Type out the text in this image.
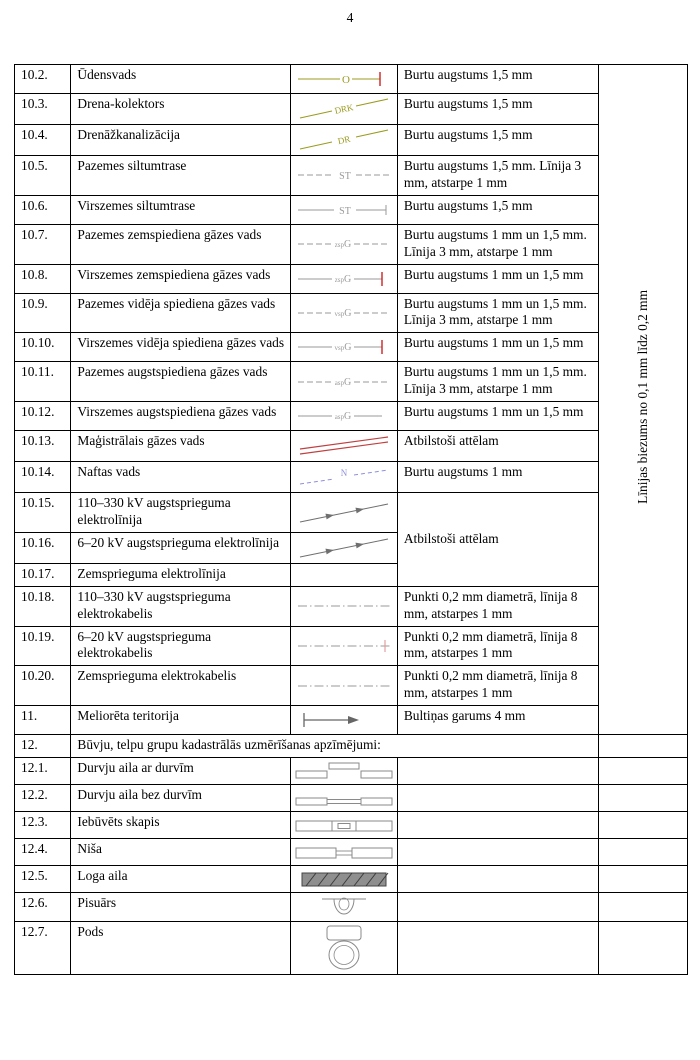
4
10.2.	Ūdensvads	O	Burtu augstums 1,5 mm	Līnijas biezums no 0,1 mm līdz 0,2 mm
10.3.	Drena-kolektors	DRK	Burtu augstums 1,5 mm	
10.4.	Drenāžkanalizācija	DR	Burtu augstums 1,5 mm	
10.5.	Pazemes siltumtrase	ST	Burtu augstums 1,5 mm. Līnija 3 mm, atstarpe 1 mm	
10.6.	Virszemes siltumtrase	ST	Burtu augstums 1,5 mm	
10.7.	Pazemes zemspiediena gāzes vads	zspG	Burtu augstums 1 mm un 1,5 mm. Līnija 3 mm, atstarpe 1 mm	
10.8.	Virszemes zemspiediena gāzes vads	zspG	Burtu augstums 1 mm un 1,5 mm	
10.9.	Pazemes vidēja spiediena gāzes vads	vspG	Burtu augstums 1 mm un 1,5 mm. Līnija 3 mm, atstarpe 1 mm	
10.10.	Virszemes vidēja spiediena gāzes vads	vspG	Burtu augstums 1 mm un 1,5 mm	
10.11.	Pazemes augstspiediena gāzes vads	aspG	Burtu augstums 1 mm un 1,5 mm. Līnija 3 mm, atstarpe 1 mm	
10.12.	Virszemes augstspiediena gāzes vads	aspG	Burtu augstums 1 mm un 1,5 mm	
10.13.	Maģistrālais gāzes vads		Atbilstoši attēlam	
10.14.	Naftas vads	N	Burtu augstums 1 mm	
10.15.	110–330 kV augstsprieguma elektrolīnija		Atbilstoši attēlam	
10.16.	6–20 kV augstsprieguma elektrolīnija	

10.17.	Zemsprieguma elektrolīnija			
10.18.	110–330 kV augstsprieguma elektrokabelis		Punkti 0,2 mm diametrā, līnija 8 mm, atstarpes 1 mm	
10.19.	6–20 kV augstsprieguma elektrokabelis		Punkti 0,2 mm diametrā, līnija 8 mm, atstarpes 1 mm	
10.20.	Zemsprieguma elektrokabelis		Punkti 0,2 mm diametrā, līnija 8 mm, atstarpes 1 mm	
11.	Meliorēta teritorija		Bultiņas garums 4 mm	
12.	Būvju, telpu grupu kadastrālās uzmērīšanas apzīmējumi:			
12.1.	Durvju aila ar durvīm	

12.2.	Durvju aila bez durvīm	

12.3.	Iebūvēts skapis	

12.4.	Niša	

12.5.	Loga aila	

12.6.	Pisuārs	

12.7.	Pods	
